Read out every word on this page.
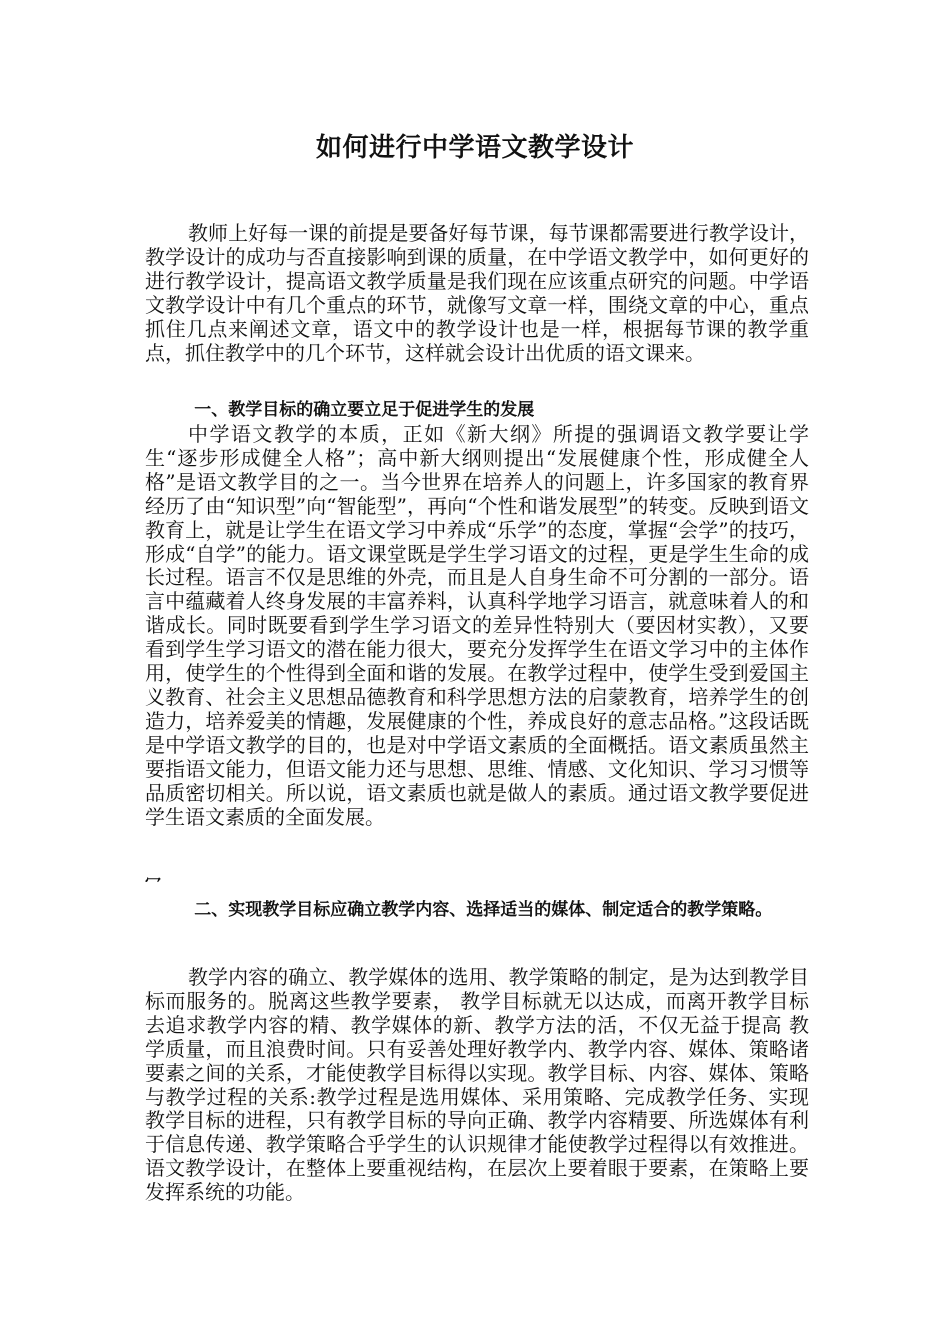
如何进行中学语文教学设计

教师上好每一课的前提是要备好每节课，每节课都需要进行教学设计，教学设计的成功与否直接影响到课的质量，在中学语文教学中，如何更好的进行教学设计，提高语文教学质量是我们现在应该重点研究的问题。中学语文教学设计中有几个重点的环节，就像写文章一样，围绕文章的中心，重点抓住几点来阐述文章，语文中的教学设计也是一样，根据每节课的教学重点，抓住教学中的几个环节，这样就会设计出优质的语文课来。

一、教学目标的确立要立足于促进学生的发展

中学语文教学的本质，正如《新大纲》所提的强调语文教学要让学生“逐步形成健全人格”；高中新大纲则提出“发展健康个性，形成健全人格”是语文教学目的之一。当今世界在培养人的问题上，许多国家的教育界经历了由“知识型”向“智能型”，再向“个性和谐发展型”的转变。反映到语文教育上，就是让学生在语文学习中养成“乐学”的态度，掌握“会学”的技巧，形成“自学”的能力。语文课堂既是学生学习语文的过程，更是学生生命的成长过程。语言不仅是思维的外壳，而且是人自身生命不可分割的一部分。语言中蕴藏着人终身发展的丰富养料，认真科学地学习语言，就意味着人的和谐成长。同时既要看到学生学习语文的差异性特别大（要因材实教），又要看到学生学习语文的潜在能力很大，要充分发挥学生在语文学习中的主体作用，使学生的个性得到全面和谐的发展。在教学过程中，使学生受到爱国主义教育、社会主义思想品德教育和科学思想方法的启蒙教育，培养学生的创造力，培养爱美的情趣，发展健康的个性，养成良好的意志品格。”这段话既是中学语文教学的目的，也是对中学语文素质的全面概括。语文素质虽然主要指语文能力，但语文能力还与思想、思维、情感、文化知识、学习习惯等品质密切相关。所以说，语文素质也就是做人的素质。通过语文教学要促进学生语文素质的全面发展。

冖

二、实现教学目标应确立教学内容、选择适当的媒体、制定适合的教学策略。

教学内容的确立、教学媒体的选用、教学策略的制定，是为达到教学目标而服务的。脱离这些教学要素， 教学目标就无以达成，而离开教学目标去追求教学内容的精、教学媒体的新、教学方法的活，不仅无益于提高 教学质量，而且浪费时间。只有妥善处理好教学内、教学内容、媒体、策略诸要素之间的关系，才能使教学目标得以实现。教学目标、内容、媒体、策略与教学过程的关系:教学过程是选用媒体、采用策略、完成教学任务、实现教学目标的进程，只有教学目标的导向正确、教学内容精要、所选媒体有利于信息传递、教学策略合乎学生的认识规律才能使教学过程得以有效推进。语文教学设计，在整体上要重视结构，在层次上要着眼于要素，在策略上要发挥系统的功能。
